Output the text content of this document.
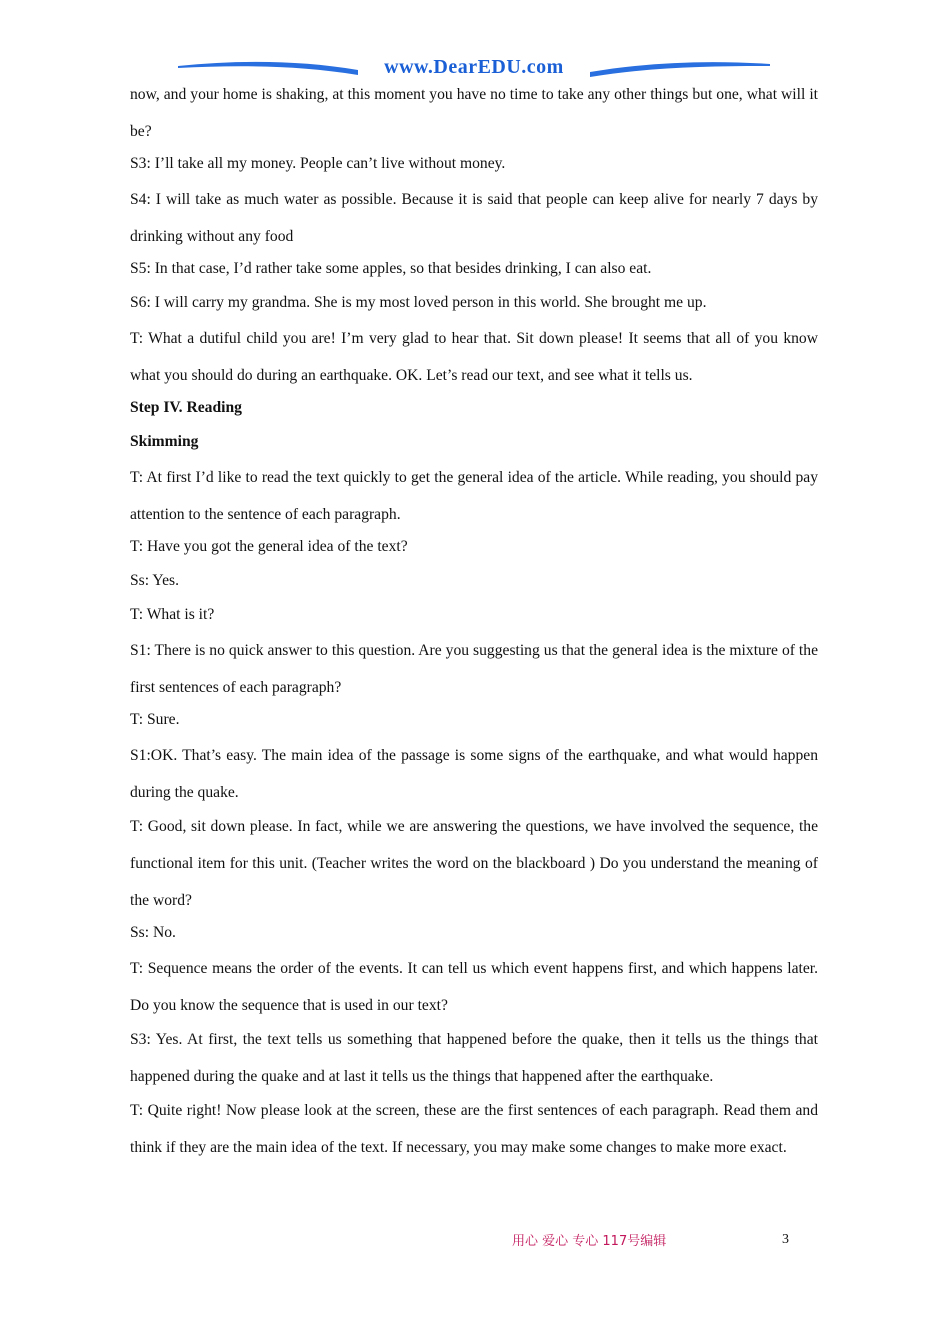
www.DearEDU.com
now, and your home is shaking, at this moment you have no time to take any other things but one, what will it be?
S3: I’ll take all my money. People can’t live without money.
S4: I will take as much water as possible. Because it is said that people can keep alive for nearly 7 days by drinking without any food
S5: In that case, I’d rather take some apples, so that besides drinking, I can also eat.
S6: I will carry my grandma. She is my most loved person in this world. She brought me up.
T: What a dutiful child you are! I’m very glad to hear that. Sit down please! It seems that all of you know what you should do during an earthquake. OK. Let’s read our text, and see what it tells us.
Step IV. Reading
Skimming
T: At first I’d like to read the text quickly to get the general idea of the article. While reading, you should pay attention to the sentence of each paragraph.
T: Have you got the general idea of the text?
Ss: Yes.
T: What is it?
S1: There is no quick answer to this question. Are you suggesting us that the general idea is the mixture of the first sentences of each paragraph?
T: Sure.
S1:OK. That’s easy. The main idea of the passage is some signs of the earthquake, and what would happen during the quake.
T: Good, sit down please. In fact, while we are answering the questions, we have involved the sequence, the functional item for this unit. (Teacher writes the word on the blackboard ) Do you understand the meaning of the word?
Ss: No.
T: Sequence means the order of the events. It can tell us which event happens first, and which happens later. Do you know the sequence that is used in our text?
S3: Yes. At first, the text tells us something that happened before the quake, then it tells us the things that happened during the quake and at last it tells us the things that happened after the earthquake.
T: Quite right! Now please look at the screen, these are the first sentences of each paragraph. Read them and think if they are the main idea of the text. If necessary, you may make some changes to make more exact.
用心 爱心 专心 117号编辑	3
